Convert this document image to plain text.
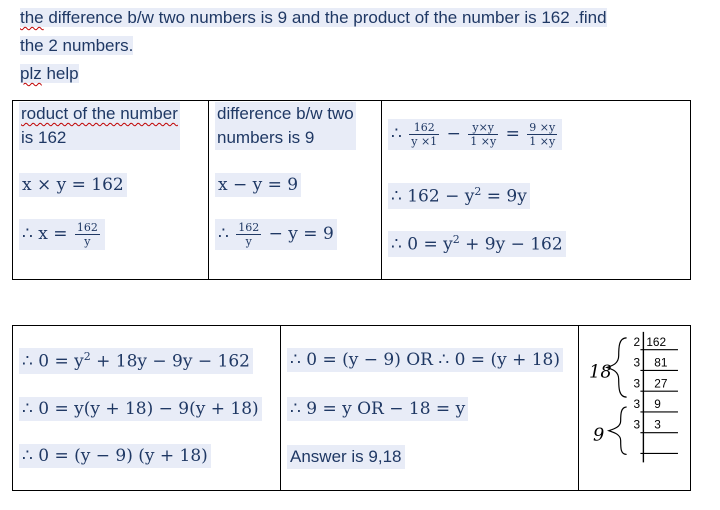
the difference b/w two numbers is 9 and the product of the number is 162 .find
the 2 numbers.
plz help
roduct of the number
is 162
x × y = 162
∴ $x = \frac{162}{y}$

difference b/w two
numbers is 9
x − y = 9
∴ $\frac{162}{y} - y = 9$

∴ $\frac{162}{y \times 1} - \frac{y\times y}{1 \times y} = \frac{9 \times y}{1 \times y}$
∴ $162 - y^2 = 9y$
∴ $0 = y^2 + 9y - 162$
∴ $0 = y^2 + 18y - 9y - 162$
∴ 0 = y(y + 18) − 9(y + 18)
∴ 0 = (y − 9) (y + 18)

∴ 0 = (y − 9) OR ∴ 0 = (y + 18)
∴ 9 = y OR − 18 = y
Answer is 9,18

18
9
2 162
3 81
3 27
3 9
3 3
